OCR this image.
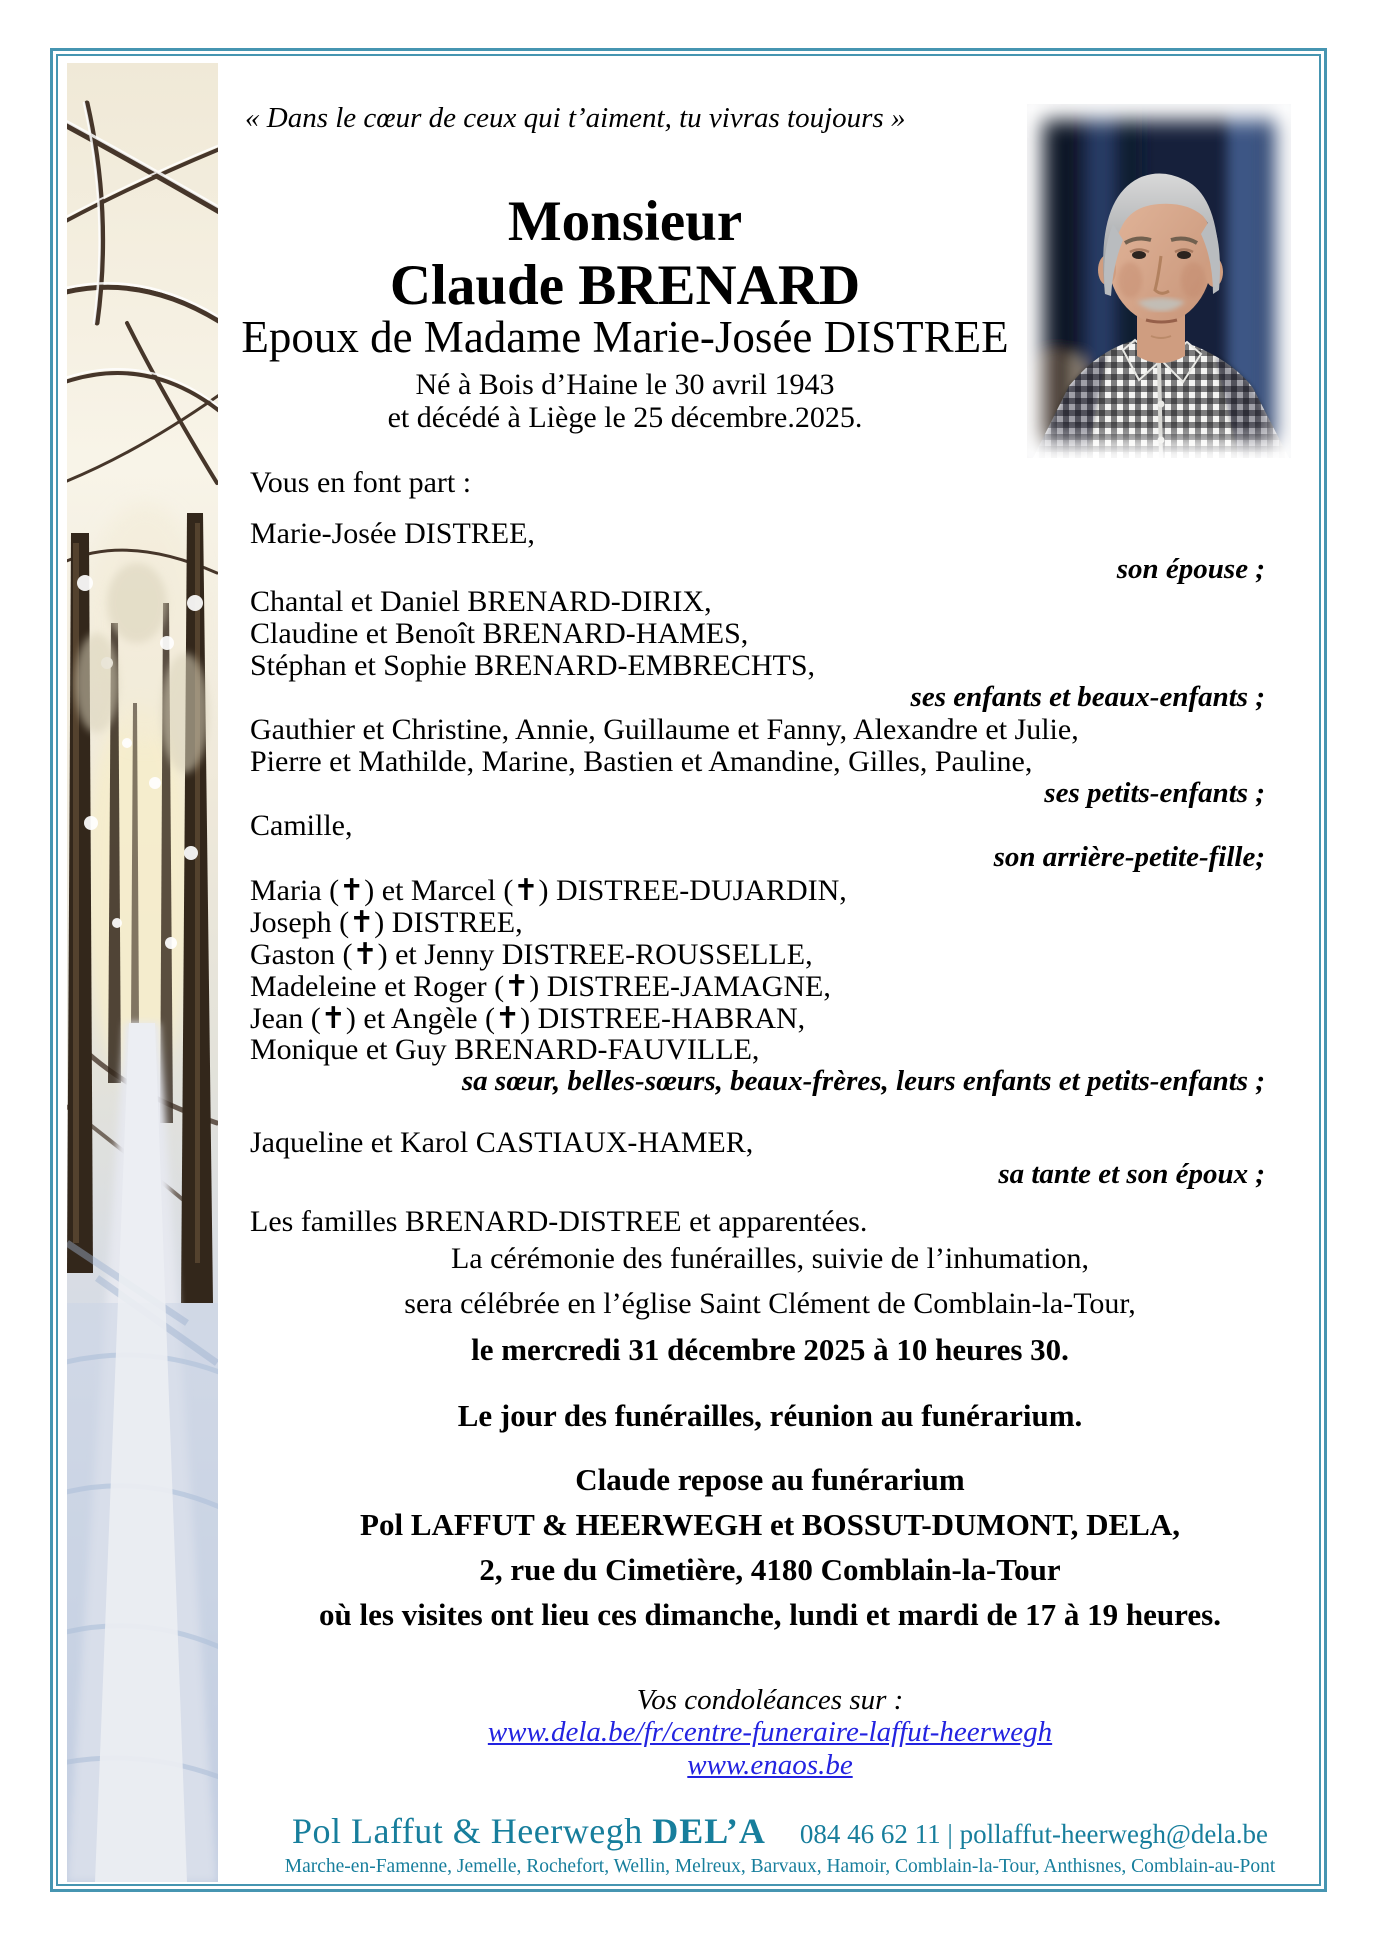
« Dans le cœur de ceux qui t’aiment, tu vivras toujours »
Monsieur
Claude BRENARD
Epoux de Madame Marie-Josée DISTREE
Né à Bois d’Haine le 30 avril 1943
et décédé à Liège le 25 décembre.2025.
Vous en font part :
Marie-Josée DISTREE,
son épouse ;
Chantal et Daniel BRENARD-DIRIX,
Claudine et Benoît BRENARD-HAMES,
Stéphan et Sophie BRENARD-EMBRECHTS,
ses enfants et beaux-enfants ;
Gauthier et Christine, Annie, Guillaume et Fanny, Alexandre et Julie,
Pierre et Mathilde, Marine, Bastien et Amandine, Gilles, Pauline,
ses petits-enfants ;
Camille,
son arrière-petite-fille;
Maria (✝) et Marcel (✝) DISTREE-DUJARDIN,
Joseph (✝) DISTREE,
Gaston (✝) et Jenny DISTREE-ROUSSELLE,
Madeleine et Roger (✝) DISTREE-JAMAGNE,
Jean (✝) et Angèle (✝) DISTREE-HABRAN,
Monique et Guy BRENARD-FAUVILLE,
sa sœur, belles-sœurs, beaux-frères, leurs enfants et petits-enfants ;
Jaqueline et Karol CASTIAUX-HAMER,
sa tante et son époux ;
Les familles BRENARD-DISTREE et apparentées.
La cérémonie des funérailles, suivie de l’inhumation,
sera célébrée en l’église Saint Clément de Comblain-la-Tour,
le mercredi 31 décembre 2025 à 10 heures 30.
Le jour des funérailles, réunion au funérarium.
Claude repose au funérarium
Pol LAFFUT & HEERWEGH et BOSSUT-DUMONT, DELA,
2, rue du Cimetière, 4180 Comblain-la-Tour
où les visites ont lieu ces dimanche, lundi et mardi de 17 à 19 heures.
Vos condoléances sur :
www.dela.be/fr/centre-funeraire-laffut-heerwegh
www.enaos.be
Pol Laffut & Heerwegh DEL’A 084 46 62 11 | pollaffut-heerwegh@dela.be
Marche-en-Famenne, Jemelle, Rochefort, Wellin, Melreux, Barvaux, Hamoir, Comblain-la-Tour, Anthisnes, Comblain-au-Pont
